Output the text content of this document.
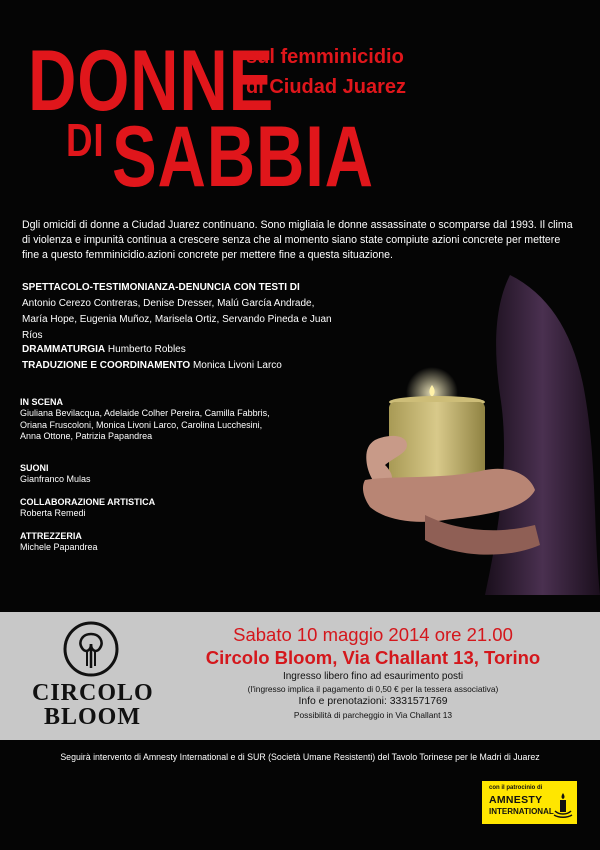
DONNE
DI SABBIA
sul femminicidio
di Ciudad Juarez
Dgli omicidi di donne a Ciudad Juarez continuano. Sono migliaia le donne assassinate o scomparse dal 1993. Il clima di violenza e impunità continua a crescere senza che al momento siano state compiute azioni concrete per mettere fine a questo femminicidio.azioni concrete per mettere fine a questa situazione.
SPETTACOLO-TESTIMONIANZA-DENUNCIA CON TESTI DI
Antonio Cerezo Contreras, Denise Dresser, Malú García Andrade, María Hope, Eugenia Muñoz, Marisela Ortiz, Servando Pineda e Juan Ríos
DRAMMATURGIA Humberto Robles
TRADUZIONE E COORDINAMENTO Monica Livoni Larco
IN SCENA
Giuliana Bevilacqua, Adelaide Colher Pereira, Camilla Fabbris, Oriana Fruscoloni, Monica Livoni Larco, Carolina Lucchesini, Anna Ottone, Patrizia Papandrea
SUONI
Gianfranco Mulas
COLLABORAZIONE ARTISTICA
Roberta Remedi
ATTREZZERIA
Michele Papandrea
CIRCOLO
BLOOM
Sabato 10 maggio 2014 ore 21.00
Circolo Bloom, Via Challant 13, Torino
Ingresso libero fino ad esaurimento posti
(l'ingresso implica il pagamento di 0,50 € per la tessera associativa)
Info e prenotazioni: 3331571769
Possibilità di parcheggio in Via Challant 13
Seguirà intervento di Amnesty International e di SUR (Società Umane Resistenti) del Tavolo Torinese per le Madri di Juarez
con il patrocinio di
AMNESTY
INTERNATIONAL
